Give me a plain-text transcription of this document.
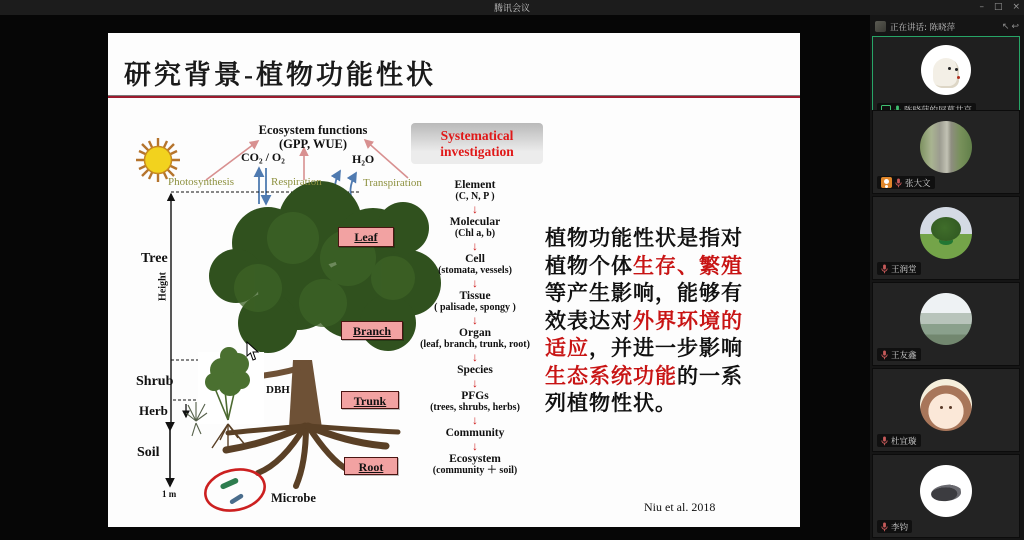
腾讯会议	– □ ×
研究背景-植物功能性状
Ecosystem functions
(GPP, WUE)
CO₂ / O₂	H₂O
Photosynthesis	Respiration	Transpiration
Tree
Height
Shrub
Herb
Soil
1 m
DBH
Microbe
Leaf
Branch
Trunk
Root
Systematical
investigation
Element
(C, N, P )
↓
Molecular
(Chl a, b)
↓
Cell
(stomata, vessels)
↓
Tissue
( palisade, spongy )
↓
Organ
(leaf, branch, trunk, root)
↓
Species
↓
PFGs
(trees, shrubs, herbs)
↓
Community
↓
Ecosystem
(community ＋ soil)
植物功能性状是指对
植物个体生存、繁殖
等产生影响，能够有
效表达对外界环境的
适应，并进一步影响
生态系统功能的一系
列植物性状。
Niu et al. 2018
正在讲话: 陈晓萍	↖ ↩
张大文
王润堂
王友鑫
杜宜璇
李钧
